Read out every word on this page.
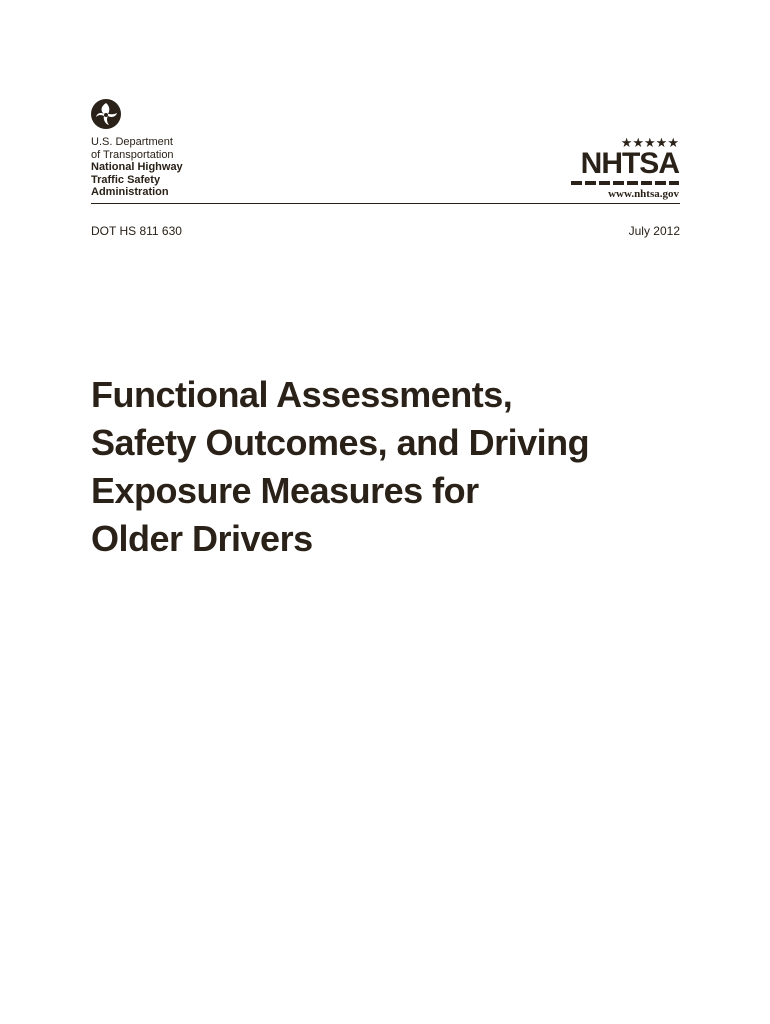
U.S. Department
of Transportation
National Highway
Traffic Safety
Administration
★★★★★
NHTSA
www.nhtsa.gov
DOT HS 811 630	July 2012
Functional Assessments,
Safety Outcomes, and Driving
Exposure Measures for
Older Drivers
